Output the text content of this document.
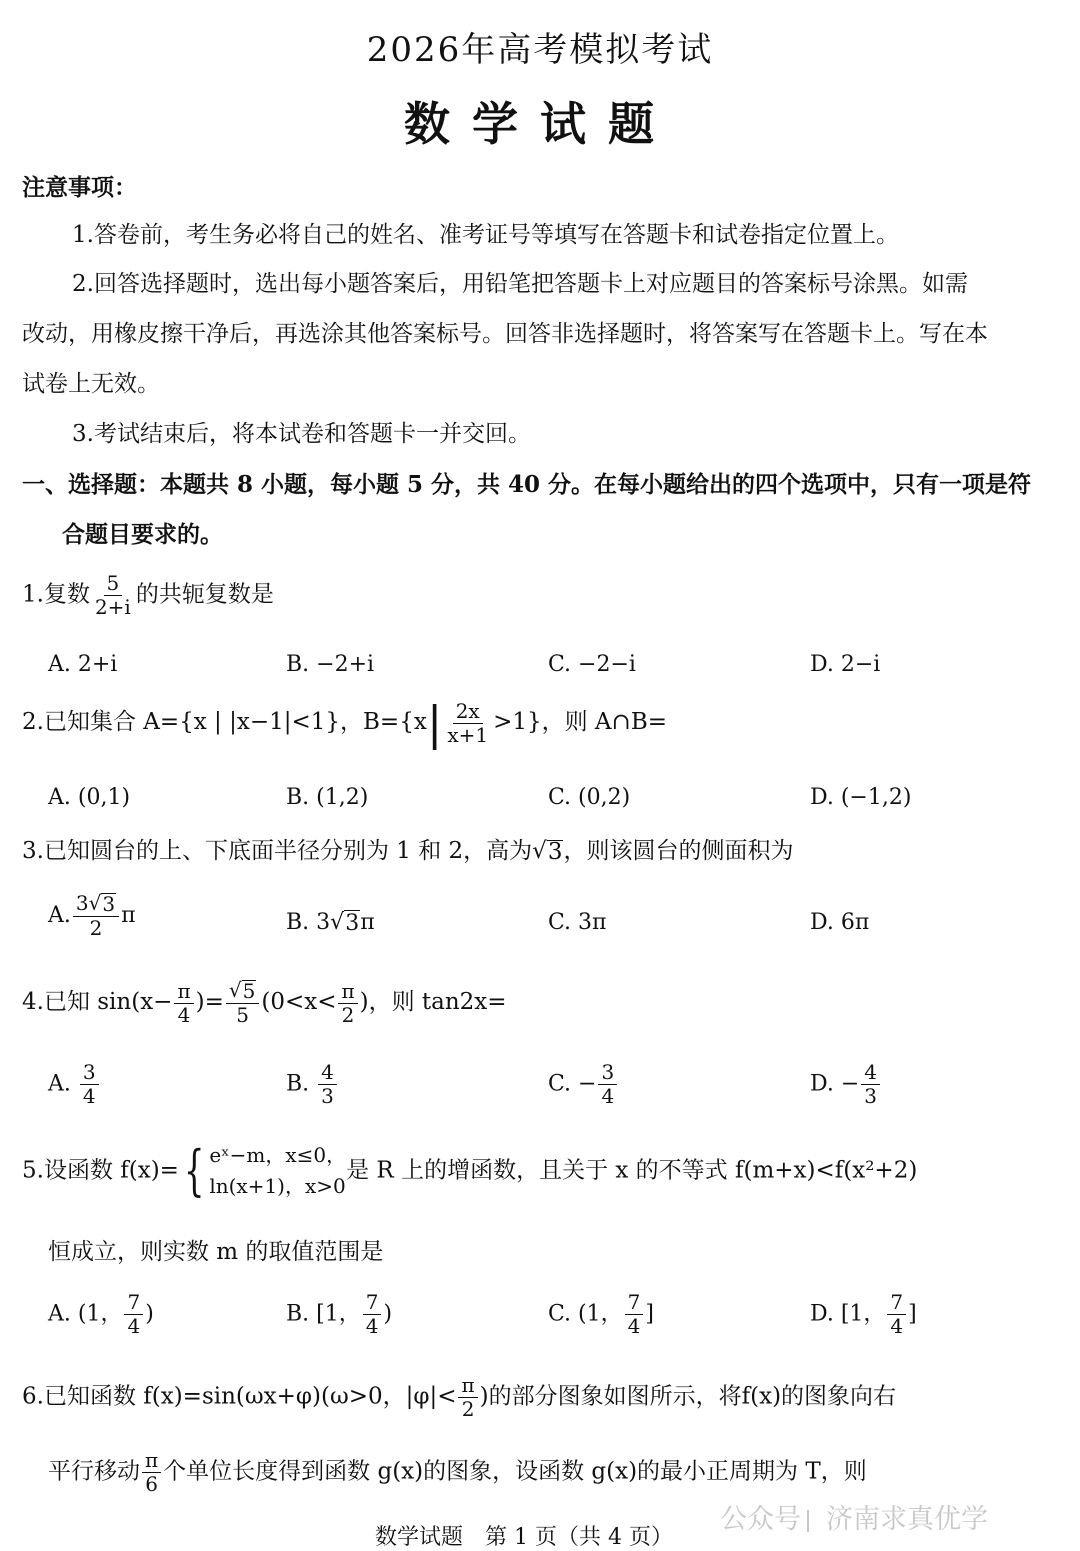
2026年高考模拟考试
数学试题
注意事项：
1.答卷前，考生务必将自己的姓名、准考证号等填写在答题卡和试卷指定位置上。
2.回答选择题时，选出每小题答案后，用铅笔把答题卡上对应题目的答案标号涂黑。如需
改动，用橡皮擦干净后，再选涂其他答案标号。回答非选择题时，将答案写在答题卡上。写在本
试卷上无效。
3.考试结束后，将本试卷和答题卡一并交回。
一、选择题：本题共 8 小题，每小题 5 分，共 40 分。在每小题给出的四个选项中，只有一项是符
合题目要求的。
1.复数 $\frac{5}{2+i}$ 的共轭复数是
A. 2+i	B. −2+i	C. −2−i	D. 2−i
2.已知集合 A={x | |x−1|<1}，$B=\{x| \frac{2x}{x+1} >1\}$，则 A∩B=
A. (0,1)	B. (1,2)	C. (0,2)	D. (−1,2)
3.已知圆台的上、下底面半径分别为 1 和 2，高为√ 3 ，则该圆台的侧面积为
A. $\frac{3√ 3}{2}$ π	B. 3√ 3 π	C. 3π	D. 6π
4.已知 $\sin(x- \frac{\pi}{4}$ )= $\frac{√ 5}{5} (0<x< \frac{\pi}{2}$ )，则 tan2x=
A. $\frac{3}{4}$	B. $\frac{4}{3}$	C. − $\frac{3}{4}$	D. − $\frac{4}{3}$
5.设函数 f(x)={ eˣ−m，x≤0，
ln(x+1)，x>0
是 R 上的增函数，且关于 x 的不等式 f(m+x)<f(x²+2)
恒成立，则实数 m 的取值范围是
A. (1， $\frac{7}{4}$ )	B. [1， $\frac{7}{4}$ )	C. (1， $\frac{7}{4}$ ]	D. [1， $\frac{7}{4}$ ]
6.已知函数 f(x)=sin(ωx+φ)(ω>0，$|\varphi|< \frac{\pi}{2}$ )的部分图象如图所示，将f(x)的图象向右
平行移动 $\frac{\pi}{6}$ 个单位长度得到函数 g(x)的图象，设函数 g(x)的最小正周期为 T，则
公众号 济南求真优学
数学试题　第 1 页（共 4 页）
